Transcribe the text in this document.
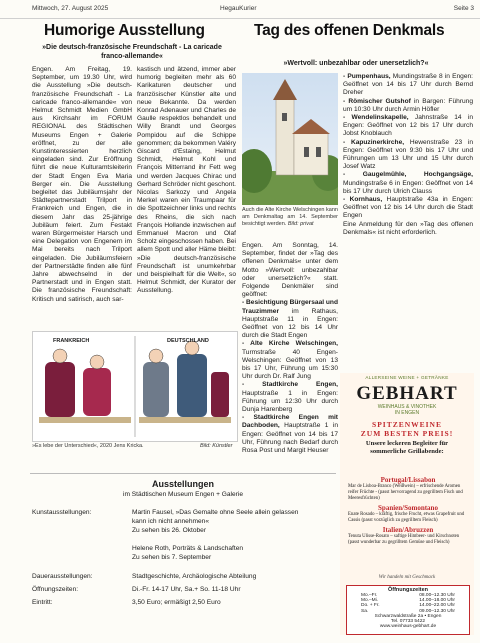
Mittwoch, 27. August 2025	HegauKurier	Seite 3
Humorige Ausstellung
»Die deutsch-französische Freundschaft - La caricade franco-allemande«
Engen. Am Freitag, 19. September, um 19.30 Uhr, wird die Ausstellung »Die deutsch-französische Freundschaft - La caricade franco-allemande« von Helmut Schmidt Medien GmbH aus Kirchsahr im FORUM REGIONAL des Städtischen Museums Engen + Galerie eröffnet, zu der alle Kunstinteressierten herzlich eingeladen sind. Zur Eröffnung führt die neue Kulturamtsleiterin der Stadt Engen Eva Maria Berger ein. Die Ausstellung begleitet das Jubiläumsjahr der Städtepartnerstadt Trilport in Frankreich und Engen, die in diesem Jahr das 25-jährige Jubiläum feiert. Zum Festakt waren Bürgermeister Harsch und eine Delegation von Engenern im Mai bereits nach Trilport eingeladen. Die Jubiläumsfeiern der Partnerstädte finden alle fünf Jahre abwechselnd in der Partnerstadt und in Engen statt. Die französische Freundschaft: Kritisch und satirisch, auch sar-
kastisch und ätzend, immer aber humorig begleiten mehr als 60 Karikaturen deutscher und französischer Künstler alte und neue Bekannte. Da werden Konrad Adenauer und Charles de Gaulle respektlos behandelt und Willy Brandt und Georges Pompidou auf die Schippe genommen; da bekommen Valéry Giscard d'Estaing, Helmut Schmidt, Helmut Kohl und François Mitterrand ihr Fett weg und werden Jacques Chirac und Gerhard Schröder nicht geschont. Nicolas Sarkozy und Angela Merkel waren ein Traumpaar für die Spottzeichner links und rechts des Rheins, die sich nach François Hollande inzwischen auf Emmanuel Macron und Olaf Scholz eingeschossen haben. Bei allem Spott und aller Häme bleibt: »Die deutsch-französische Freundschaft ist unumkehrbar und beispielhaft für die Welt«, so Helmut Schmidt, der Kurator der Ausstellung.
FRANKREICH	DEUTSCHLAND
»Es lebe der Unterschied«, 2020 Jens Kricka.	Bild: Künstler
Tag des offenen Denkmals
»Wertvoll: unbezahlbar oder unersetzlich?«
Auch die Alte Kirche Welschingen kann am Denkmaltag am 14. September besichtigt werden. Bild: privat

Engen. Am Sonntag, 14. September, findet der »Tag des offenen Denkmals« unter dem Motto »Wertvoll: unbezahlbar oder unersetzlich?« statt. Folgende Denkmäler sind geöffnet:

- Besichtigung Bürgersaal und Trauzimmer im Rathaus, Hauptstraße 11 in Engen: Geöffnet von 12 bis 14 Uhr durch die Stadt Engen

- Alte Kirche Welschingen, Turmstraße 40 Engen-Welschingen: Geöffnet von 13 bis 17 Uhr, Führung um 15:30 Uhr durch Dr. Ralf Jung

- Stadtkirche Engen, Hauptstraße 1 in Engen: Führung um 12:30 Uhr durch Dunja Harenberg

- Stadtkirche Engen mit Dachboden, Hauptstraße 1 in Engen: Geöffnet von 14 bis 17 Uhr, Führung nach Bedarf durch Rosa Post und Margit Heuser

- Pumpenhaus, Mundingstraße 8 in Engen: Geöffnet von 14 bis 17 Uhr durch Bernd Dreher

- Römischer Gutshof in Bargen: Führung um 10:30 Uhr durch Armin Höfler

- Wendelinskapelle, Jahnstraße 14 in Engen: Geöffnet von 12 bis 17 Uhr durch Jobst Knoblauch

- Kapuzinerkirche, Hewenstraße 23 in Engen: Geöffnet von 9:30 bis 17 Uhr und Führungen um 13 Uhr und 15 Uhr durch Josef Watz

- Gaugelmühle, Hochgangsäge, Mundingstraße 6 in Engen: Geöffnet von 14 bis 17 Uhr durch Ulrich Clauss

- Kornhaus, Hauptstraße 43a in Engen: Geöffnet von 12 bis 14 Uhr durch die Stadt Engen

Eine Anmeldung für den »Tag des offenen Denkmals« ist nicht erforderlich.

ALLERSEINE WEINE + GETRÄNKE
GEBHART
WEINHAUS & VINOTHEK
IN ENGEN
SPITZENWEINE
ZUM BESTEN PREIS!
Unsere leckeren Begleiter für sommerliche Grillabende:
Portugal/Lissabon
Mar de Lisboa-Branco (Weißwein) – erfrischende Aromen reifer Früchte - (passt hervorragend zu gegrilltem Fisch und Meeresfrüchten)
Spanien/Somontano
Enate Rosado – kräftig, frische Frucht, etwas Grapefruit und Cassis (passt vorzüglich zu gegrilltem Fleisch)
Italien/Abruzzen
Tenuta Ulisse-Rosato – saftige Himbeer- und Kirschnoten (passt wunderbar zu gegrilltem Gemüse und Fleisch)
Wir handeln mit Geschmack
Öffnungszeiten
Mo.–Fr.	08.00–12.30 Uhr
Mo.–Mi.	14.00–18.00 Uhr
Do. + Fr.	14.00–22.00 Uhr
Sa.	09.00–12.30 Uhr
Schwarzwaldstraße 2a • Engen
Tel. 07733 5422
www.weinhaus-gebhart.de
Ausstellungen
im Städtischen Museum Engen + Galerie
Kunstausstellungen:	Martin Fausel, »Das Gemalte ohne Seele allein gelassen
kann ich nicht annehmen«
Zu sehen bis 26. Oktober

Helene Roth, Porträts & Landschaften
Zu sehen bis 7. September
Dauerausstellungen:	Stadtgeschichte, Archäologische Abteilung
Öffnungszeiten:	Di.-Fr. 14-17 Uhr, Sa.+ So. 11-18 Uhr
Eintritt:	3,50 Euro; ermäßigt 2,50 Euro
